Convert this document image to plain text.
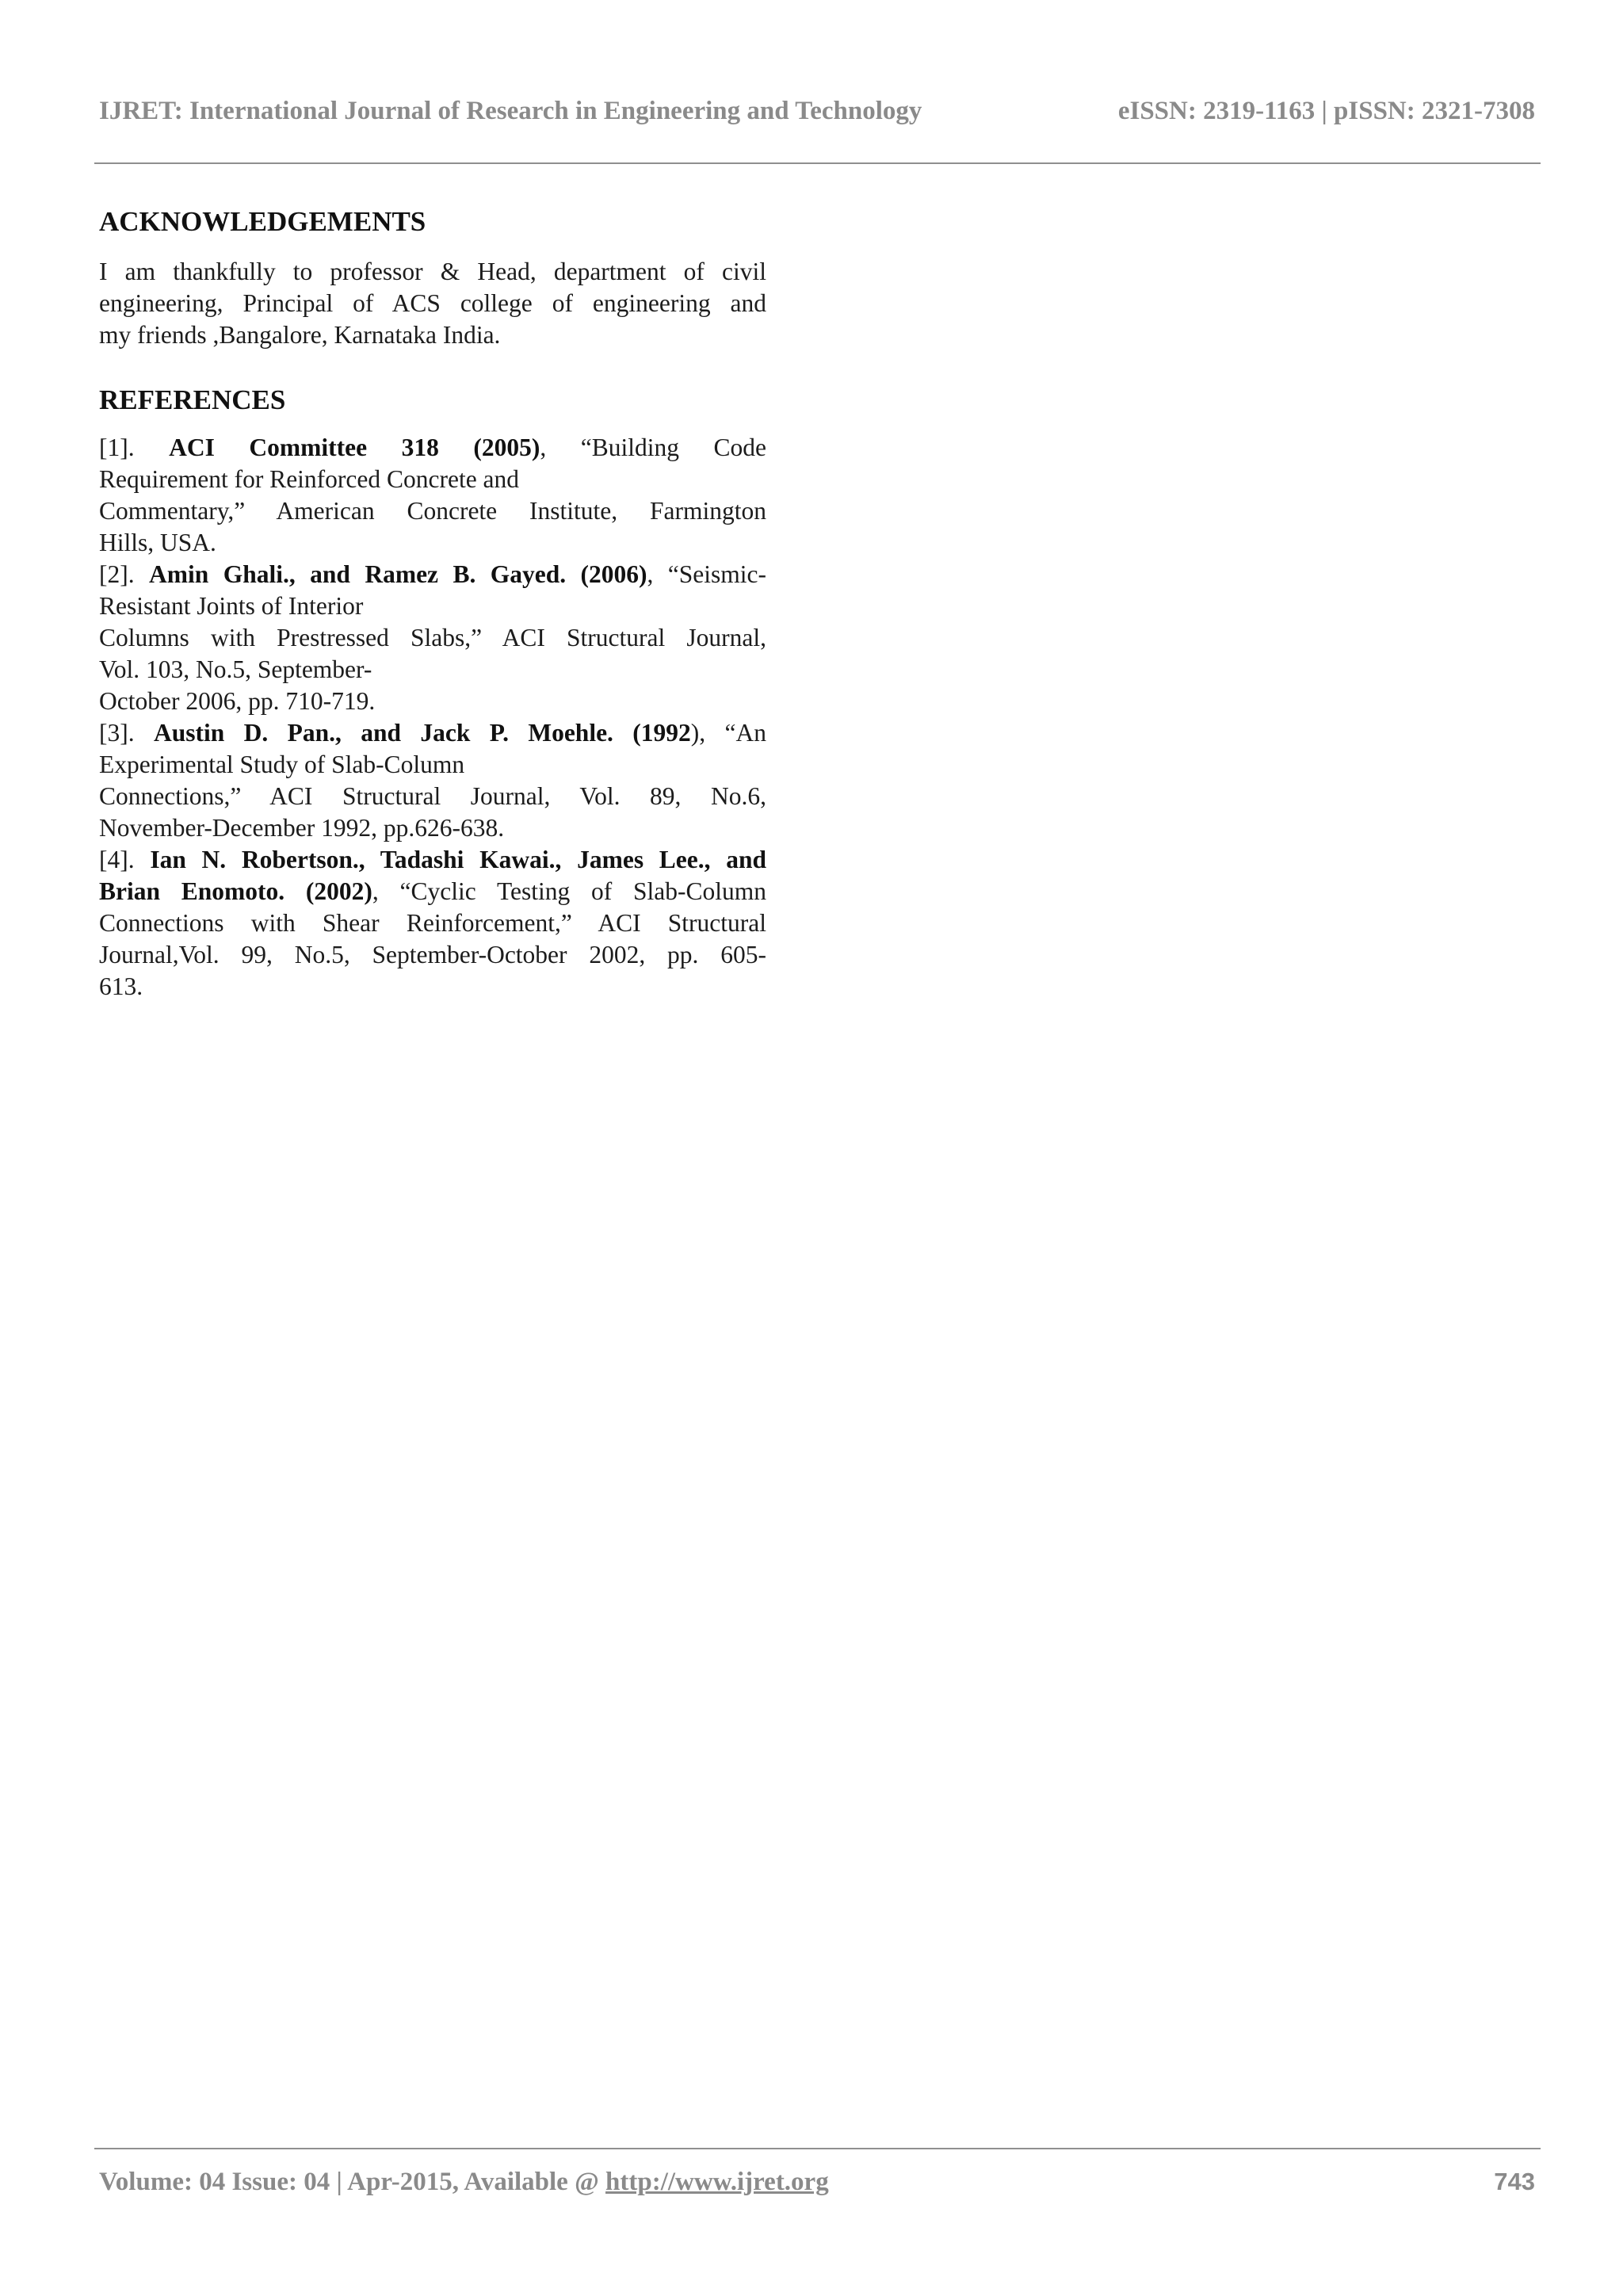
IJRET: International Journal of Research in Engineering and Technology	eISSN: 2319-1163 | pISSN: 2321-7308
ACKNOWLEDGEMENTS

I am thankfully to professor & Head, department of civil

engineering, Principal of ACS college of engineering and

my friends ,Bangalore, Karnataka India.

REFERENCES

[1]. ACI Committee 318 (2005), “Building Code

Requirement for Reinforced Concrete and

Commentary,” American Concrete Institute, Farmington

Hills, USA.

[2]. Amin Ghali., and Ramez B. Gayed. (2006), “Seismic-

Resistant Joints of Interior

Columns with Prestressed Slabs,” ACI Structural Journal,

Vol. 103, No.5, September-

October 2006, pp. 710-719.

[3]. Austin D. Pan., and Jack P. Moehle. (1992), “An

Experimental Study of Slab-Column

Connections,” ACI Structural Journal, Vol. 89, No.6,

November-December 1992, pp.626-638.

[4]. Ian N. Robertson., Tadashi Kawai., James Lee., and

Brian Enomoto. (2002), “Cyclic Testing of Slab-Column

Connections with Shear Reinforcement,” ACI Structural

Journal,Vol. 99, No.5, September-October 2002, pp. 605-

613.

Volume: 04 Issue: 04 | Apr-2015, Available @ http://www.ijret.org	743
